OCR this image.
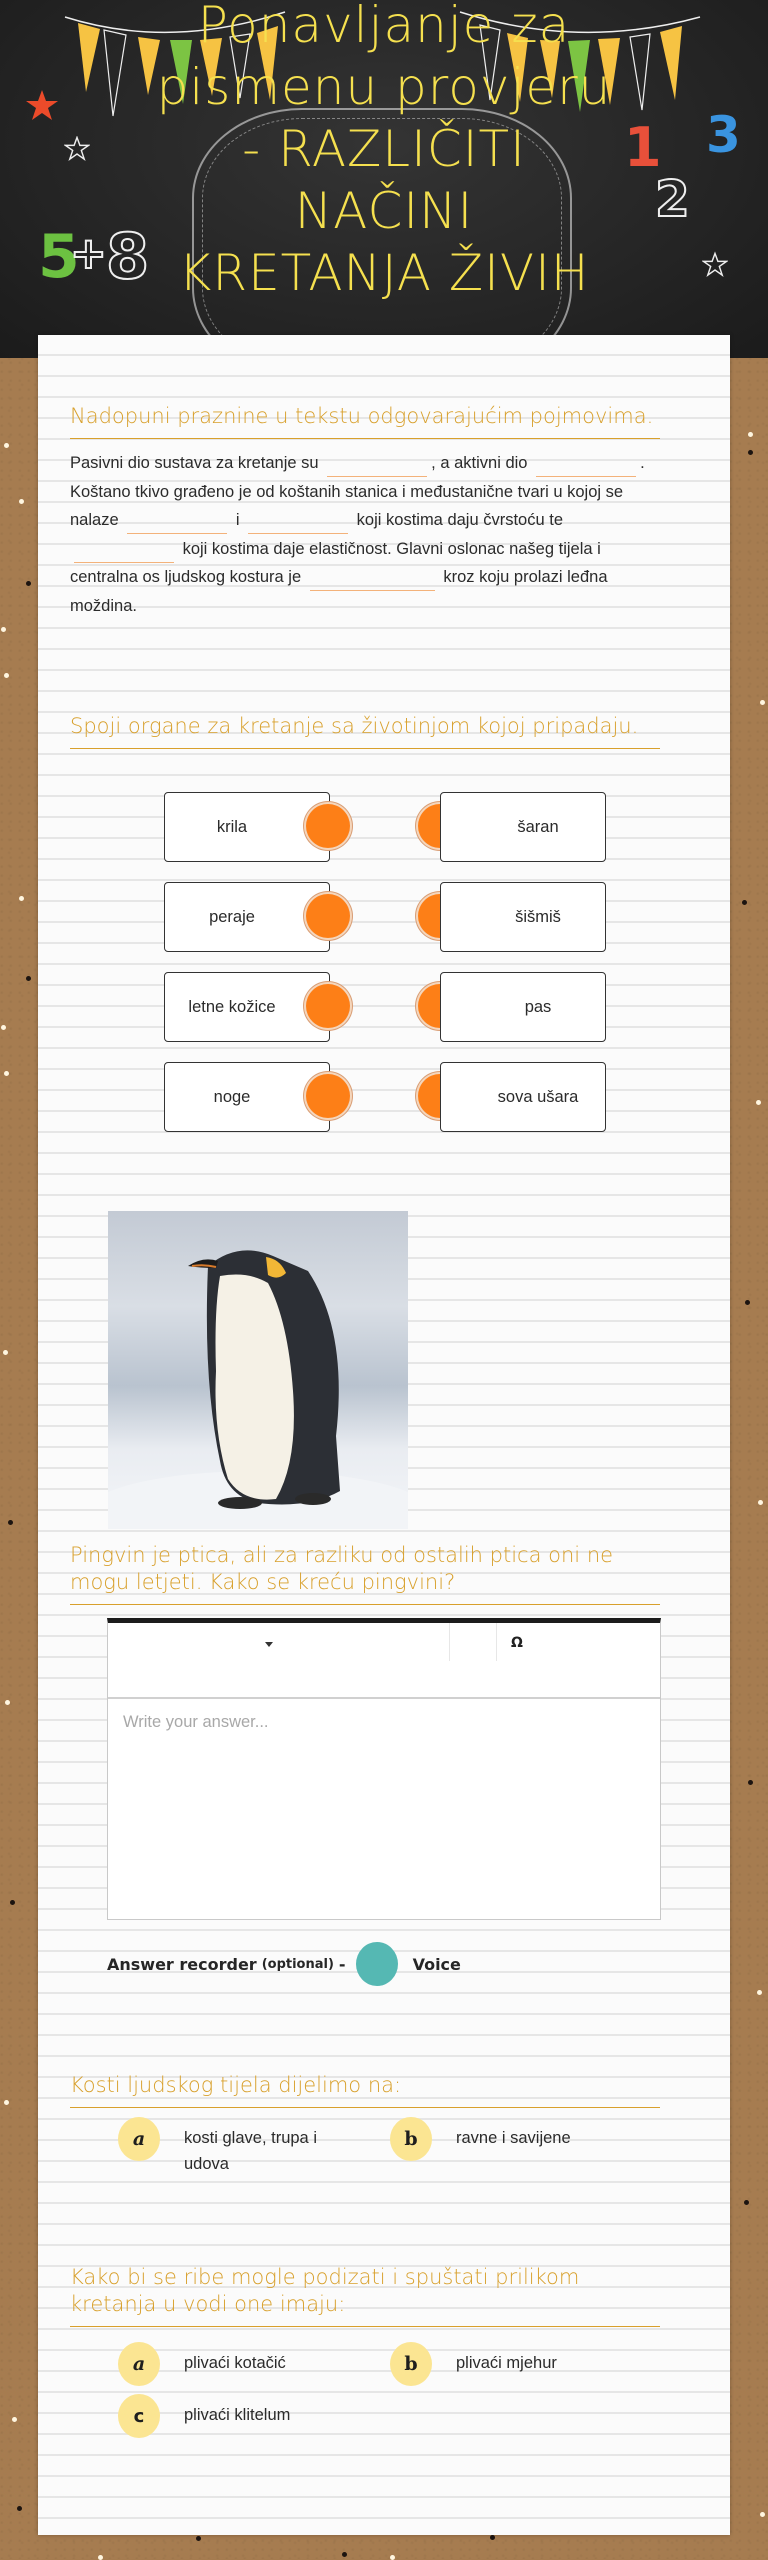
1
2
3
5
+ 8
Ponavljanje za
pismenu provjeru
- RAZLIČITI
NAČINI
KRETANJA ŽIVIH
Nadopuni praznine u tekstu odgovarajućim pojmovima.
Pasivni dio sustava za kretanje su	, a aktivni dio	. Koštano tkivo građeno je od koštanih stanica i međustanične tvari u kojoj se nalaze	i	koji kostima daju čvrstoću te  koji kostima daje elastičnost. Glavni oslonac našeg tijela i centralna os ljudskog kostura je	kroz koju prolazi leđna moždina.
Spoji organe za kretanje sa životinjom kojoj pripadaju.
krila	šaran
peraje	šišmiš
letne kožice	pas
noge	sova ušara
Pingvin je ptica, ali za razliku od ostalih ptica oni ne mogu letjeti. Kako se kreću pingvini?
Ω
Write your answer...
Answer recorder (optional) -	Voice
Kosti ljudskog tijela dijelimo na:
a	kosti glave, trupa i udova
b	ravne i savijene
Kako bi se ribe mogle podizati i spuštati prilikom kretanja u vodi one imaju:
a	plivaći kotačić	b	plivaći mjehur
c	plivaći klitelum
